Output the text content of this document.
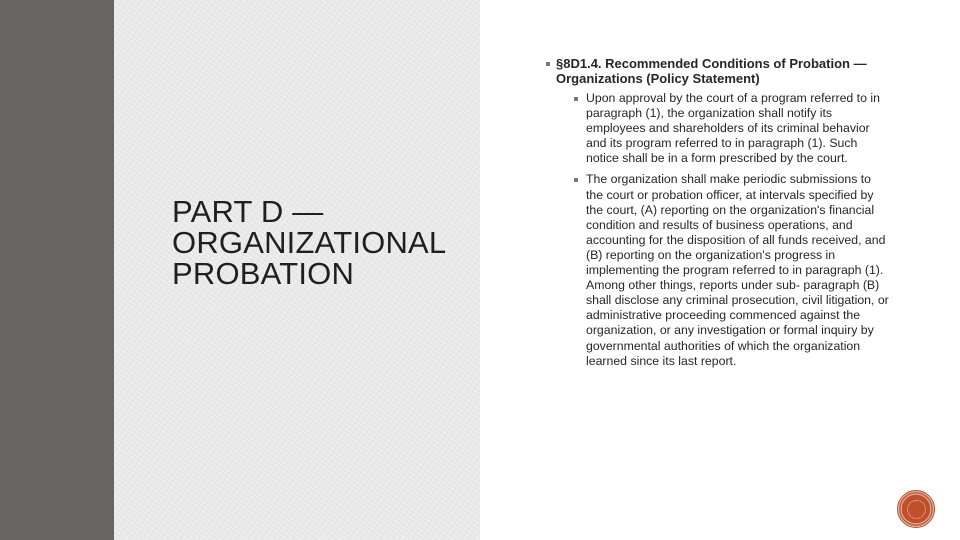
PART D — ORGANIZATIONAL PROBATION
§8D1.4. Recommended Conditions of Probation — Organizations (Policy Statement)
Upon approval by the court of a program referred to in paragraph (1), the organization shall notify its employees and shareholders of its criminal behavior and its program referred to in paragraph (1). Such notice shall be in a form prescribed by the court.
The organization shall make periodic submissions to the court or probation officer, at intervals specified by the court, (A) reporting on the organization's financial condition and results of business operations, and accounting for the disposition of all funds received, and (B) reporting on the organization's progress in implementing the program referred to in paragraph (1). Among other things, reports under sub- paragraph (B) shall disclose any criminal prosecution, civil litigation, or administrative proceeding commenced against the organization, or any investigation or formal inquiry by governmental authorities of which the organization learned since its last report.
